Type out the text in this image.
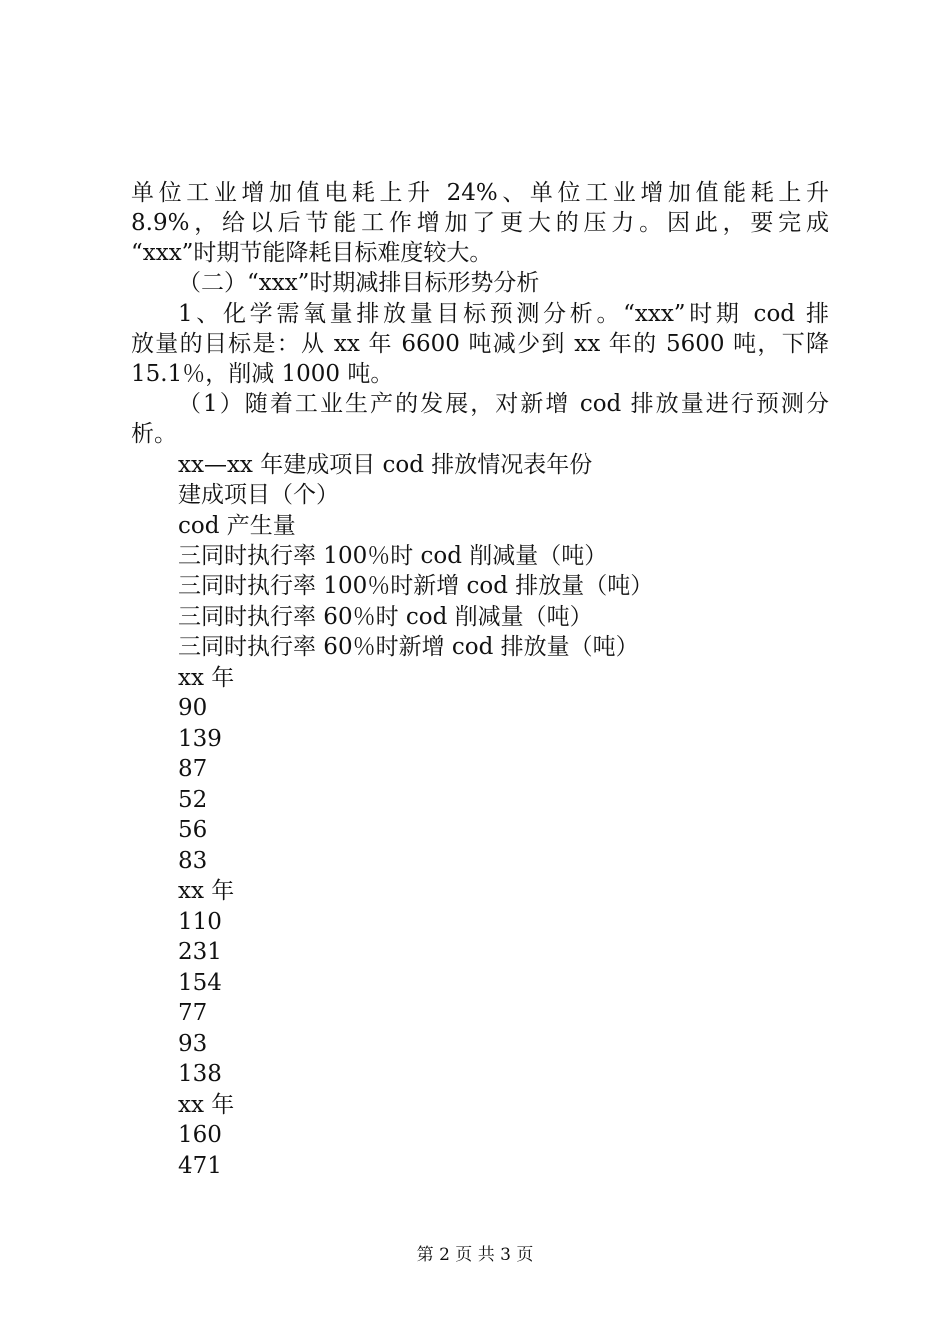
单位工业增加值电耗上升 24%、单位工业增加值能耗上升
8.9%，给以后节能工作增加了更大的压力。因此，要完成
“xxx”时期节能降耗目标难度较大。
（二）“xxx”时期减排目标形势分析
1、化学需氧量排放量目标预测分析。“xxx”时期 cod 排
放量的目标是：从 xx 年 6600 吨减少到 xx 年的 5600 吨，下降
15.1％，削减 1000 吨。
（1）随着工业生产的发展，对新增 cod 排放量进行预测分
析。
xx—xx 年建成项目 cod 排放情况表年份
建成项目（个）
cod 产生量
三同时执行率 100％时 cod 削减量（吨）
三同时执行率 100％时新增 cod 排放量（吨）
三同时执行率 60％时 cod 削减量（吨）
三同时执行率 60％时新增 cod 排放量（吨）
xx 年
90
139
87
52
56
83
xx 年
110
231
154
77
93
138
xx 年
160
471
第 2 页 共 3 页
